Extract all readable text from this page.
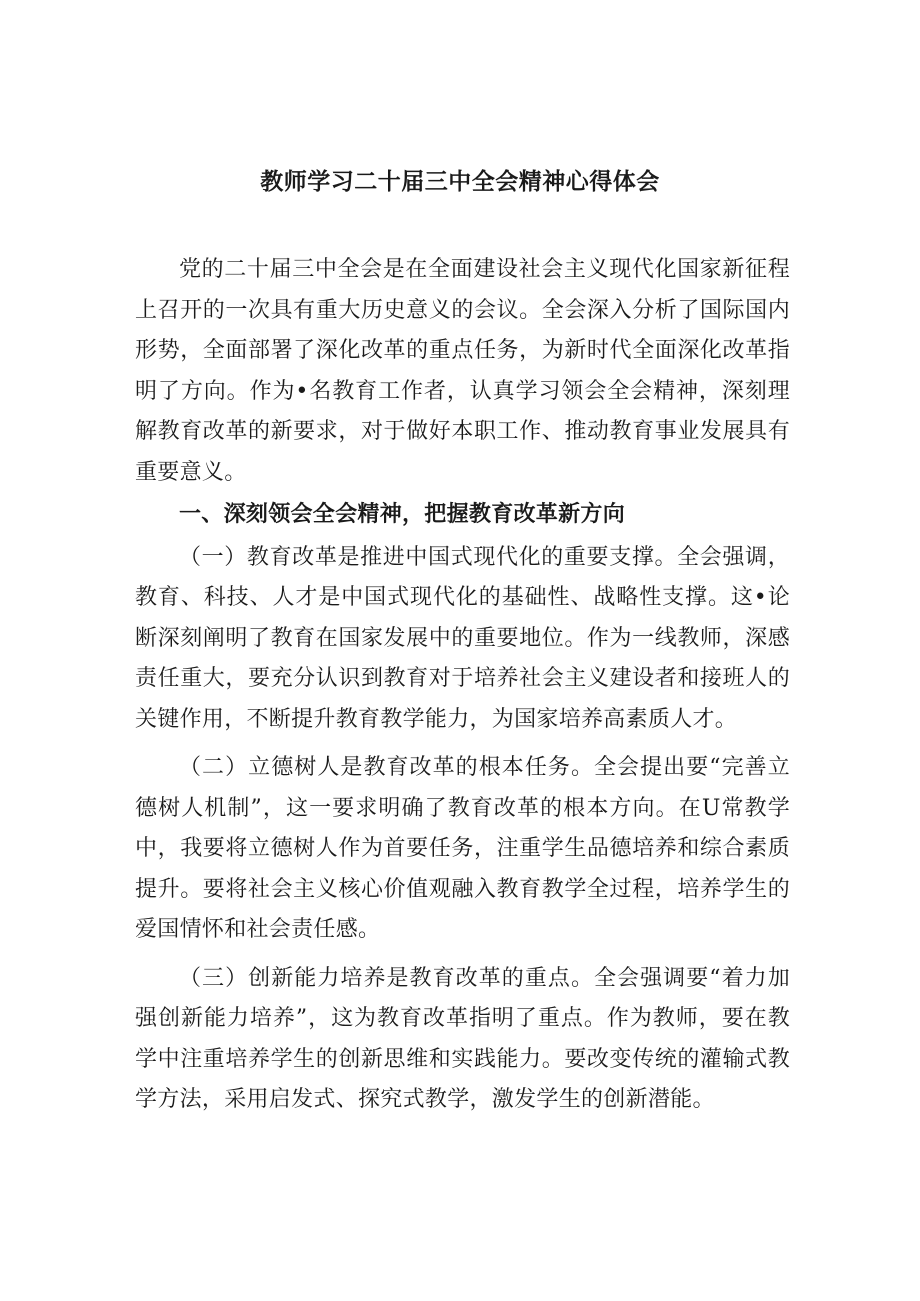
教师学习二十届三中全会精神心得体会

党的二十届三中全会是在全面建设社会主义现代化国家新征程上召开的一次具有重大历史意义的会议。全会深入分析了国际国内形势，全面部署了深化改革的重点任务，为新时代全面深化改革指明了方向。作为•名教育工作者，认真学习领会全会精神，深刻理解教育改革的新要求，对于做好本职工作、推动教育事业发展具有重要意义。

一、深刻领会全会精神，把握教育改革新方向

（一）教育改革是推进中国式现代化的重要支撑。全会强调，教育、科技、人才是中国式现代化的基础性、战略性支撑。这•论断深刻阐明了教育在国家发展中的重要地位。作为一线教师，深感责任重大，要充分认识到教育对于培养社会主义建设者和接班人的关键作用，不断提升教育教学能力，为国家培养高素质人才。

（二）立德树人是教育改革的根本任务。全会提出要“完善立德树人机制”，这一要求明确了教育改革的根本方向。在U常教学中，我要将立德树人作为首要任务，注重学生品德培养和综合素质提升。要将社会主义核心价值观融入教育教学全过程，培养学生的爱国情怀和社会责任感。

（三）创新能力培养是教育改革的重点。全会强调要“着力加强创新能力培养”，这为教育改革指明了重点。作为教师，要在教学中注重培养学生的创新思维和实践能力。要改变传统的灌输式教学方法，采用启发式、探究式教学，激发学生的创新潜能。
